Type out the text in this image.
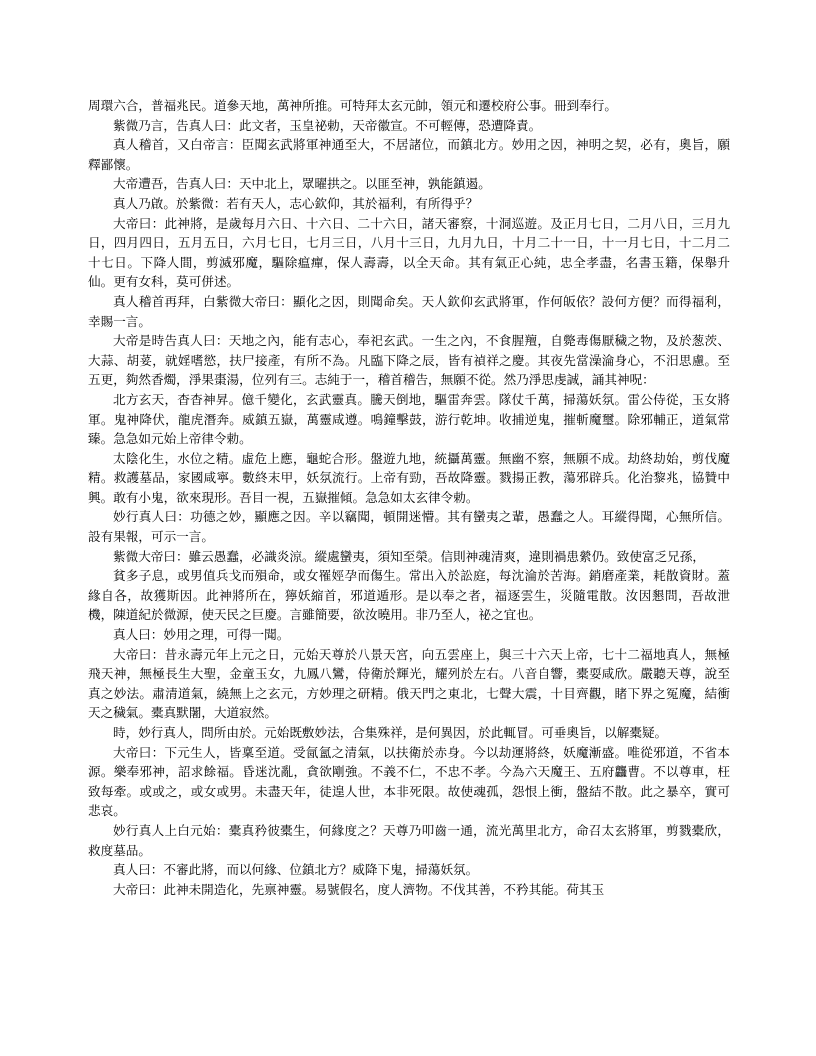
周環六合，普福兆民。道參天地，萬神所推。可特拜太玄元帥，領元和遷校府公事。冊到奉行。

紫微乃言，告真人曰：此文者，玉皇祕勅，天帝徽宣。不可輕傳，恐遭降責。

真人稽首，又白帝言：臣聞玄武將軍神通至大，不居諸位，而鎮北方。妙用之因，神明之契，必有，奧旨，願釋鄙懷。

大帝遭吾，告真人曰：天中北上，眾曜拱之。以匪至神，孰能鎮遏。

真人乃啟。於紫微：若有天人，志心欽仰，其於福利，有所得乎？

大帝曰：此神將，是歲每月六日、十六日、二十六日，諸天審察，十洞巡遊。及正月七日，二月八日，三月九日，四月四日，五月五日，六月七日，七月三日，八月十三日，九月九日，十月二十一日，十一月七日，十二月二十七日。下降人間，剪滅邪魔，驅除瘟癉，保人壽壽，以全天命。其有氣正心純，忠全孝盡，名書玉籍，保舉升仙。更有女科，莫可併述。

真人稽首再拜，白紫微大帝曰：顯化之因，則聞命矣。天人欽仰玄武將軍，作何皈依？設何方便？而得福利，幸賜一言。

大帝是時告真人曰：天地之內，能有志心，奉祀玄武。一生之內，不食腥羶，自斃毒傷厭穢之物，及於葱茨、大蒜、胡荽，就婬嗜慾，扶尸接產，有所不為。凡臨下降之辰，皆有禎祥之慶。其夜先當澡淪身心，不汨思慮。至五更，夠然香燭，淨果棗湯，位列有三。志純于一，稽首稽告，無願不從。然乃淨思虔誠，誦其神呪：

北方玄天，杳杳神昇。億千變化，玄武靈真。騰天倒地，驅雷奔雲。隊仗千萬，掃蕩妖氛。雷公侍從，玉女將軍。鬼神降伏，龍虎潛奔。威鎮五嶽，萬靈咸遵。鳴鐘擊鼓，游行乾坤。收捕逆鬼，摧斬魔璽。除邪輔正，道氣常臻。急急如元始上帝律令勅。

太陰化生，水位之精。虛危上應，龜蛇合形。盤遊九地，統攝萬靈。無幽不察，無願不成。劫終劫始，剪伐魔精。救護墓品，家國咸寧。數終末甲，妖氛流行。上帝有勁，吾故降靈。戮揚正教，蕩邪辟兵。化治黎兆，協贊中興。敢有小鬼，欲來現形。吾目一視，五嶽摧傾。急急如太玄律令勅。

妙行真人曰：功德之妙，顯應之因。辛以竊聞，頓開迷懵。其有蠻夷之輩，愚蠢之人。耳縱得聞，心無所信。設有果報，可示一言。

紫微大帝曰：雖云愚蠢，必識炎涼。縱處蠻夷，須知至榮。信則神魂清爽，違則禍患縈仍。致使富乏兄孫，

貧多子息，或男值兵戈而殞命，或女罹娙孕而傷生。常出入於訟庭，每沈淪於苦海。銷磨產業，耗散資財。蓋緣自各，故獲斯因。此神將所在，獰妖縮首，邪道遁形。是以奉之者，福逐雲生，災隨電散。汝因懇問，吾故泄機，陳道紀於微源，使天民之巨慶。言雖簡要，欲汝曉用。非乃至人，祕之宜也。

真人曰：妙用之理，可得一聞。

大帝曰：昔永壽元年上元之日，元始天尊於八景天宮，向五雲座上，與三十六天上帝，七十二福地真人，無極飛天神，無極長生大聖，金童玉女，九鳳八鸞，侍衛於輝光，耀列於左右。八音自響，橐耍咸欣。嚴聽天尊，說至真之妙法。肅清道氣，繞無上之玄元，方妙理之研精。俄天門之東北，七聲大震，十目齊觀，睹下界之冤魔，結衝天之穢氣。橐真默闍，大道寂然。

時，妙行真人，問所由於。元始既敷妙法，合集殊祥，是何異因，於此輒冒。可垂奧旨，以解橐疑。

大帝曰：下元生人，皆稟至道。受氤氳之清氣，以扶衛於赤身。今以劫運將終，妖魔漸盛。唯從邪道，不省本源。樂奉邪神，詔求餘福。昏迷沈亂，貪欲剛強。不義不仁，不忠不孝。今為六天魔王、五府龘曹。不以尊車，枉致每牽。或或之，或女或男。未盡天年，徒遑人世，本非死限。故使魂孤，怨恨上衝，盤結不散。此之暴卒，實可悲哀。

妙行真人上白元始：橐真矜彼橐生，何緣度之？天尊乃叩齒一通，流光萬里北方，命召太玄將軍，剪戮橐欣，救度墓品。

真人曰：不審此將，而以何緣、位鎮北方？威降下鬼，掃蕩妖氛。

大帝曰：此神未開造化，先禀神靈。易號假名，度人濟物。不伐其善，不矜其能。荷其玉
